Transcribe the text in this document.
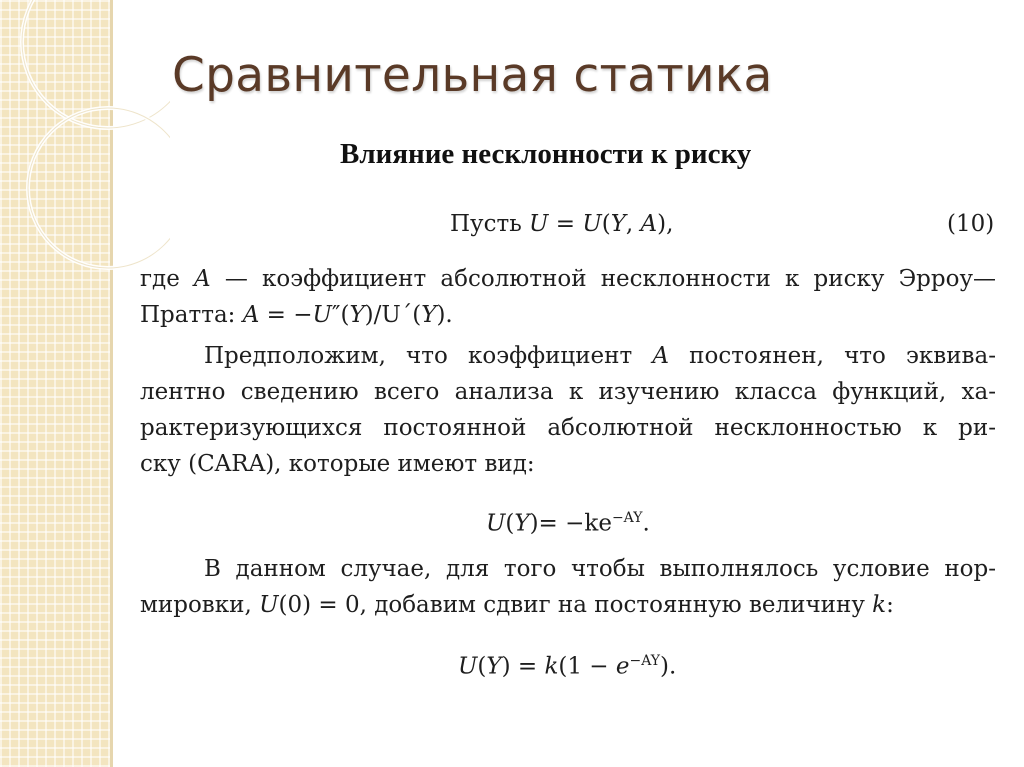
Сравнительная статика
Влияние несклонности к риску
Пусть U = U(Y, A),	(10)
где A — коэффициент абсолютной несклонности к риску Эрроу—
Пратта: A = −U″(Y)/U´(Y).
Предположим, что коэффициент A постоянен, что эквива-
лентно сведению всего анализа к изучению класса функций, ха-
рактеризующихся постоянной абсолютной несклонностью к ри-
ску (CARA), которые имеют вид:
$U(Y)= -ke^{-AY}$.
В данном случае, для того чтобы выполнялось условие нор-
мировки, U(0) = 0, добавим сдвиг на постоянную величину k:
$U(Y) = k(1 - e^{-AY})$.
